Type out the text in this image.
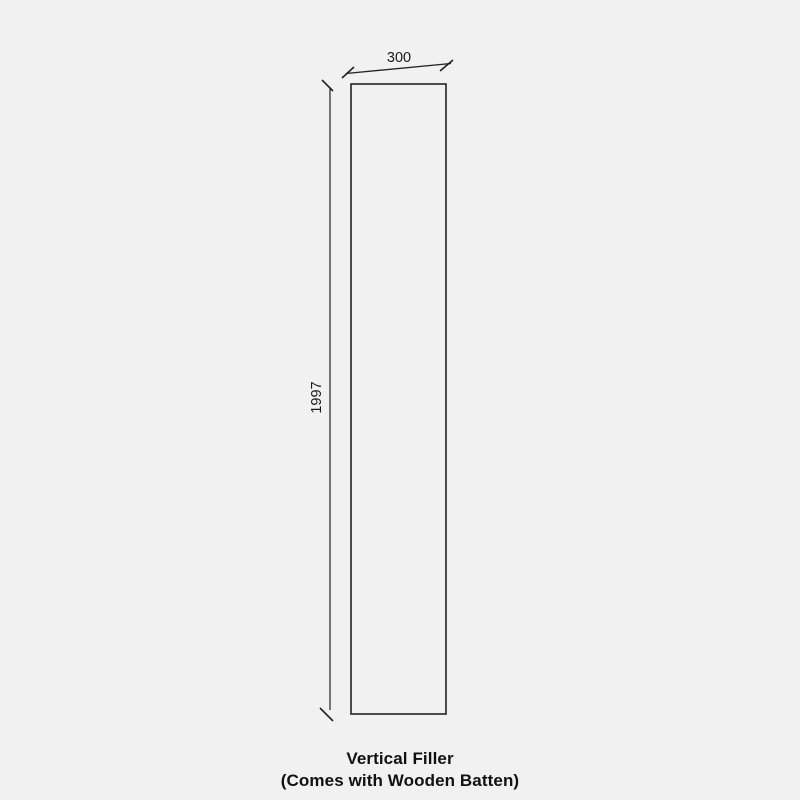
300
1997
Vertical Filler
(Comes with Wooden Batten)
